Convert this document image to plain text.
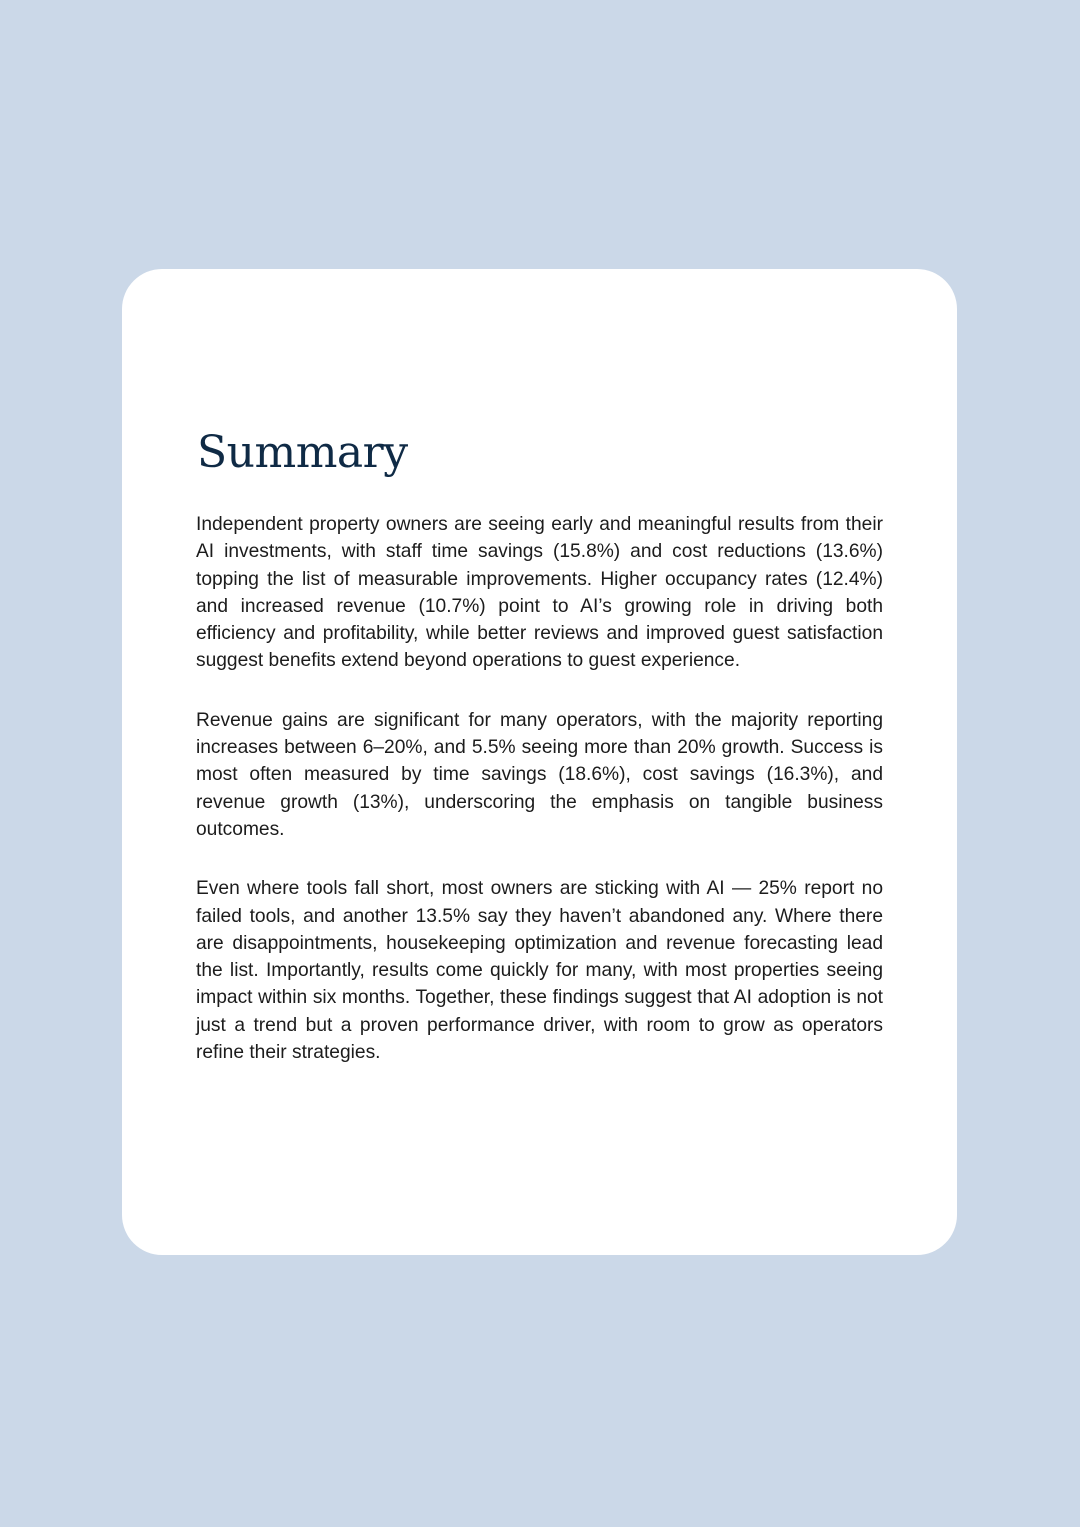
Summary

Independent property owners are seeing early and meaningful results from their AI investments, with staff time savings (15.8%) and cost reductions (13.6%) topping the list of measurable improvements. Higher occupancy rates (12.4%) and increased revenue (10.7%) point to AI’s growing role in driving both efficiency and profitability, while better reviews and improved guest satisfaction suggest benefits extend beyond operations to guest experience.

Revenue gains are significant for many operators, with the majority reporting increases between 6–20%, and 5.5% seeing more than 20% growth. Success is most often measured by time savings (18.6%), cost savings (16.3%), and revenue growth (13%), underscoring the emphasis on tangible business outcomes.

Even where tools fall short, most owners are sticking with AI — 25% report no failed tools, and another 13.5% say they haven’t abandoned any. Where there are disappointments, housekeeping optimization and revenue forecasting lead the list. Importantly, results come quickly for many, with most properties seeing impact within six months. Together, these findings suggest that AI adoption is not just a trend but a proven performance driver, with room to grow as operators refine their strategies.
